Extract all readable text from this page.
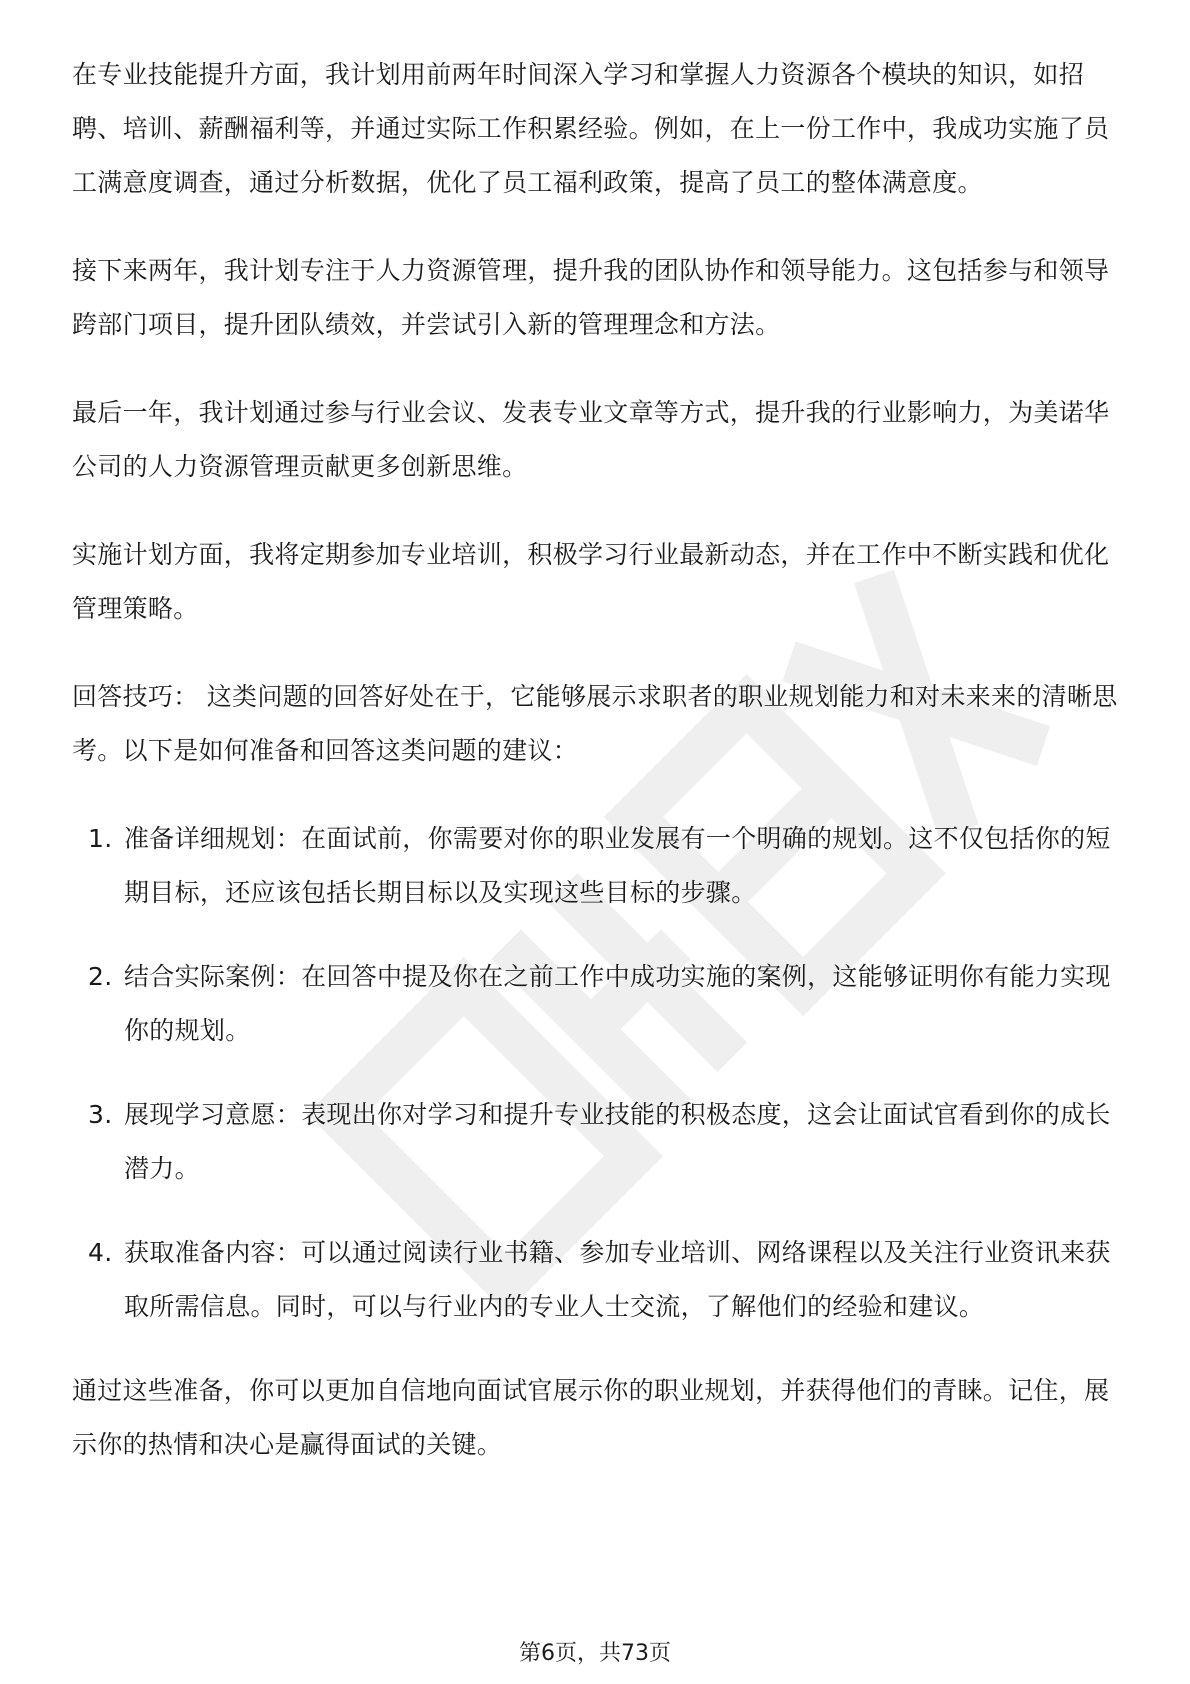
在专业技能提升方面，我计划用前两年时间深入学习和掌握人力资源各个模块的知识，如招聘、培训、薪酬福利等，并通过实际工作积累经验。例如，在上一份工作中，我成功实施了员工满意度调查，通过分析数据，优化了员工福利政策，提高了员工的整体满意度。

接下来两年，我计划专注于人力资源管理，提升我的团队协作和领导能力。这包括参与和领导跨部门项目，提升团队绩效，并尝试引入新的管理理念和方法。

最后一年，我计划通过参与行业会议、发表专业文章等方式，提升我的行业影响力，为美诺华公司的人力资源管理贡献更多创新思维。

实施计划方面，我将定期参加专业培训，积极学习行业最新动态，并在工作中不断实践和优化管理策略。

回答技巧： 这类问题的回答好处在于，它能够展示求职者的职业规划能力和对未来来的清晰思考。以下是如何准备和回答这类问题的建议：

1. 准备详细规划：在面试前，你需要对你的职业发展有一个明确的规划。这不仅包括你的短期目标，还应该包括长期目标以及实现这些目标的步骤。
2. 结合实际案例：在回答中提及你在之前工作中成功实施的案例，这能够证明你有能力实现你的规划。
3. 展现学习意愿：表现出你对学习和提升专业技能的积极态度，这会让面试官看到你的成长潜力。
4. 获取准备内容：可以通过阅读行业书籍、参加专业培训、网络课程以及关注行业资讯来获取所需信息。同时，可以与行业内的专业人士交流，了解他们的经验和建议。

通过这些准备，你可以更加自信地向面试官展示你的职业规划，并获得他们的青睐。记住，展示你的热情和决心是赢得面试的关键。

第6页，共73页
